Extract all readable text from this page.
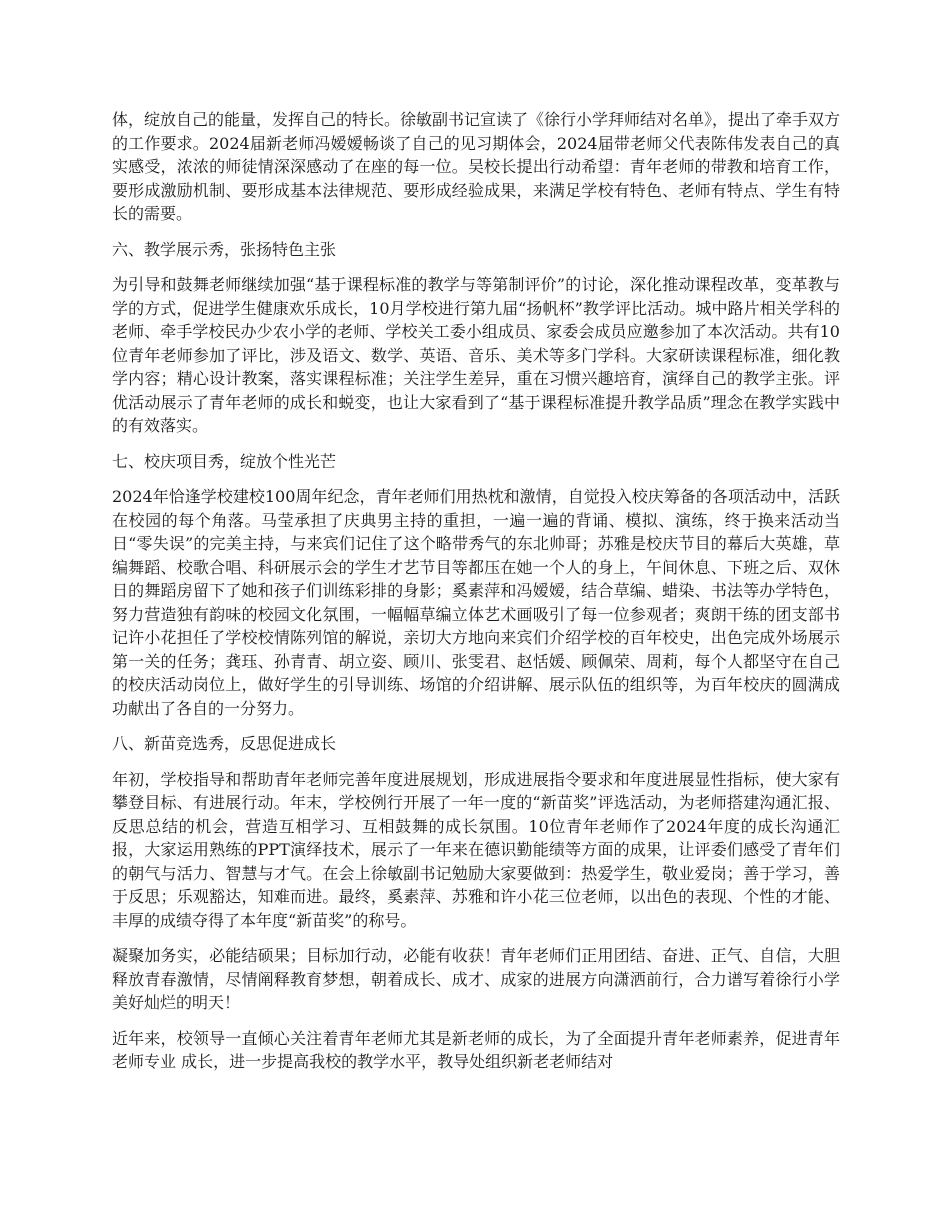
体，绽放自己的能量，发挥自己的特长。徐敏副书记宣读了《徐行小学拜师结对名单》，提出了牵手双方的工作要求。2024届新老师冯嫒嫒畅谈了自己的见习期体会，2024届带老师父代表陈伟发表自己的真实感受，浓浓的师徒情深深感动了在座的每一位。吴校长提出行动希望：青年老师的带教和培育工作，要形成激励机制、要形成基本法律规范、要形成经验成果，来满足学校有特色、老师有特点、学生有特长的需要。

六、教学展示秀，张扬特色主张

为引导和鼓舞老师继续加强“基于课程标准的教学与等第制评价”的讨论，深化推动课程改革，变革教与学的方式，促进学生健康欢乐成长，10月学校进行第九届“扬帆杯”教学评比活动。城中路片相关学科的老师、牵手学校民办少农小学的老师、学校关工委小组成员、家委会成员应邀参加了本次活动。共有10位青年老师参加了评比，涉及语文、数学、英语、音乐、美术等多门学科。大家研读课程标准，细化教学内容；精心设计教案，落实课程标准；关注学生差异，重在习惯兴趣培育，演绎自己的教学主张。评优活动展示了青年老师的成长和蜕变，也让大家看到了“基于课程标准提升教学品质”理念在教学实践中的有效落实。

七、校庆项目秀，绽放个性光芒

2024年恰逢学校建校100周年纪念，青年老师们用热枕和激情，自觉投入校庆筹备的各项活动中，活跃在校园的每个角落。马莹承担了庆典男主持的重担，一遍一遍的背诵、模拟、演练，终于换来活动当日“零失误”的完美主持，与来宾们记住了这个略带秀气的东北帅哥；苏雅是校庆节目的幕后大英雄，草编舞蹈、校歌合唱、科研展示会的学生才艺节目等都压在她一个人的身上，午间休息、下班之后、双休日的舞蹈房留下了她和孩子们训练彩排的身影；奚素萍和冯嫒嫒，结合草编、蜡染、书法等办学特色，努力营造独有韵味的校园文化氛围，一幅幅草编立体艺术画吸引了每一位参观者；爽朗干练的团支部书记许小花担任了学校校情陈列馆的解说，亲切大方地向来宾们介绍学校的百年校史，出色完成外场展示第一关的任务；龚珏、孙青青、胡立姿、顾川、张雯君、赵恬媛、顾佩荣、周莉，每个人都坚守在自己的校庆活动岗位上，做好学生的引导训练、场馆的介绍讲解、展示队伍的组织等，为百年校庆的圆满成功献出了各自的一分努力。

八、新苗竞选秀，反思促进成长

年初，学校指导和帮助青年老师完善年度进展规划，形成进展指令要求和年度进展显性指标，使大家有攀登目标、有进展行动。年末，学校例行开展了一年一度的“新苗奖”评选活动，为老师搭建沟通汇报、反思总结的机会，营造互相学习、互相鼓舞的成长氛围。10位青年老师作了2024年度的成长沟通汇报，大家运用熟练的PPT演绎技术，展示了一年来在德识勤能绩等方面的成果，让评委们感受了青年们的朝气与活力、智慧与才气。在会上徐敏副书记勉励大家要做到：热爱学生，敬业爱岗；善于学习，善于反思；乐观豁达，知难而进。最终，奚素萍、苏雅和许小花三位老师，以出色的表现、个性的才能、丰厚的成绩夺得了本年度“新苗奖”的称号。

凝聚加务实，必能结硕果；目标加行动，必能有收获！青年老师们正用团结、奋进、正气、自信，大胆释放青春激情，尽情阐释教育梦想，朝着成长、成才、成家的进展方向潇洒前行，合力谱写着徐行小学美好灿烂的明天！

近年来，校领导一直倾心关注着青年老师尤其是新老师的成长，为了全面提升青年老师素养，促进青年老师专业 成长，进一步提高我校的教学水平，教导处组织新老老师结对
